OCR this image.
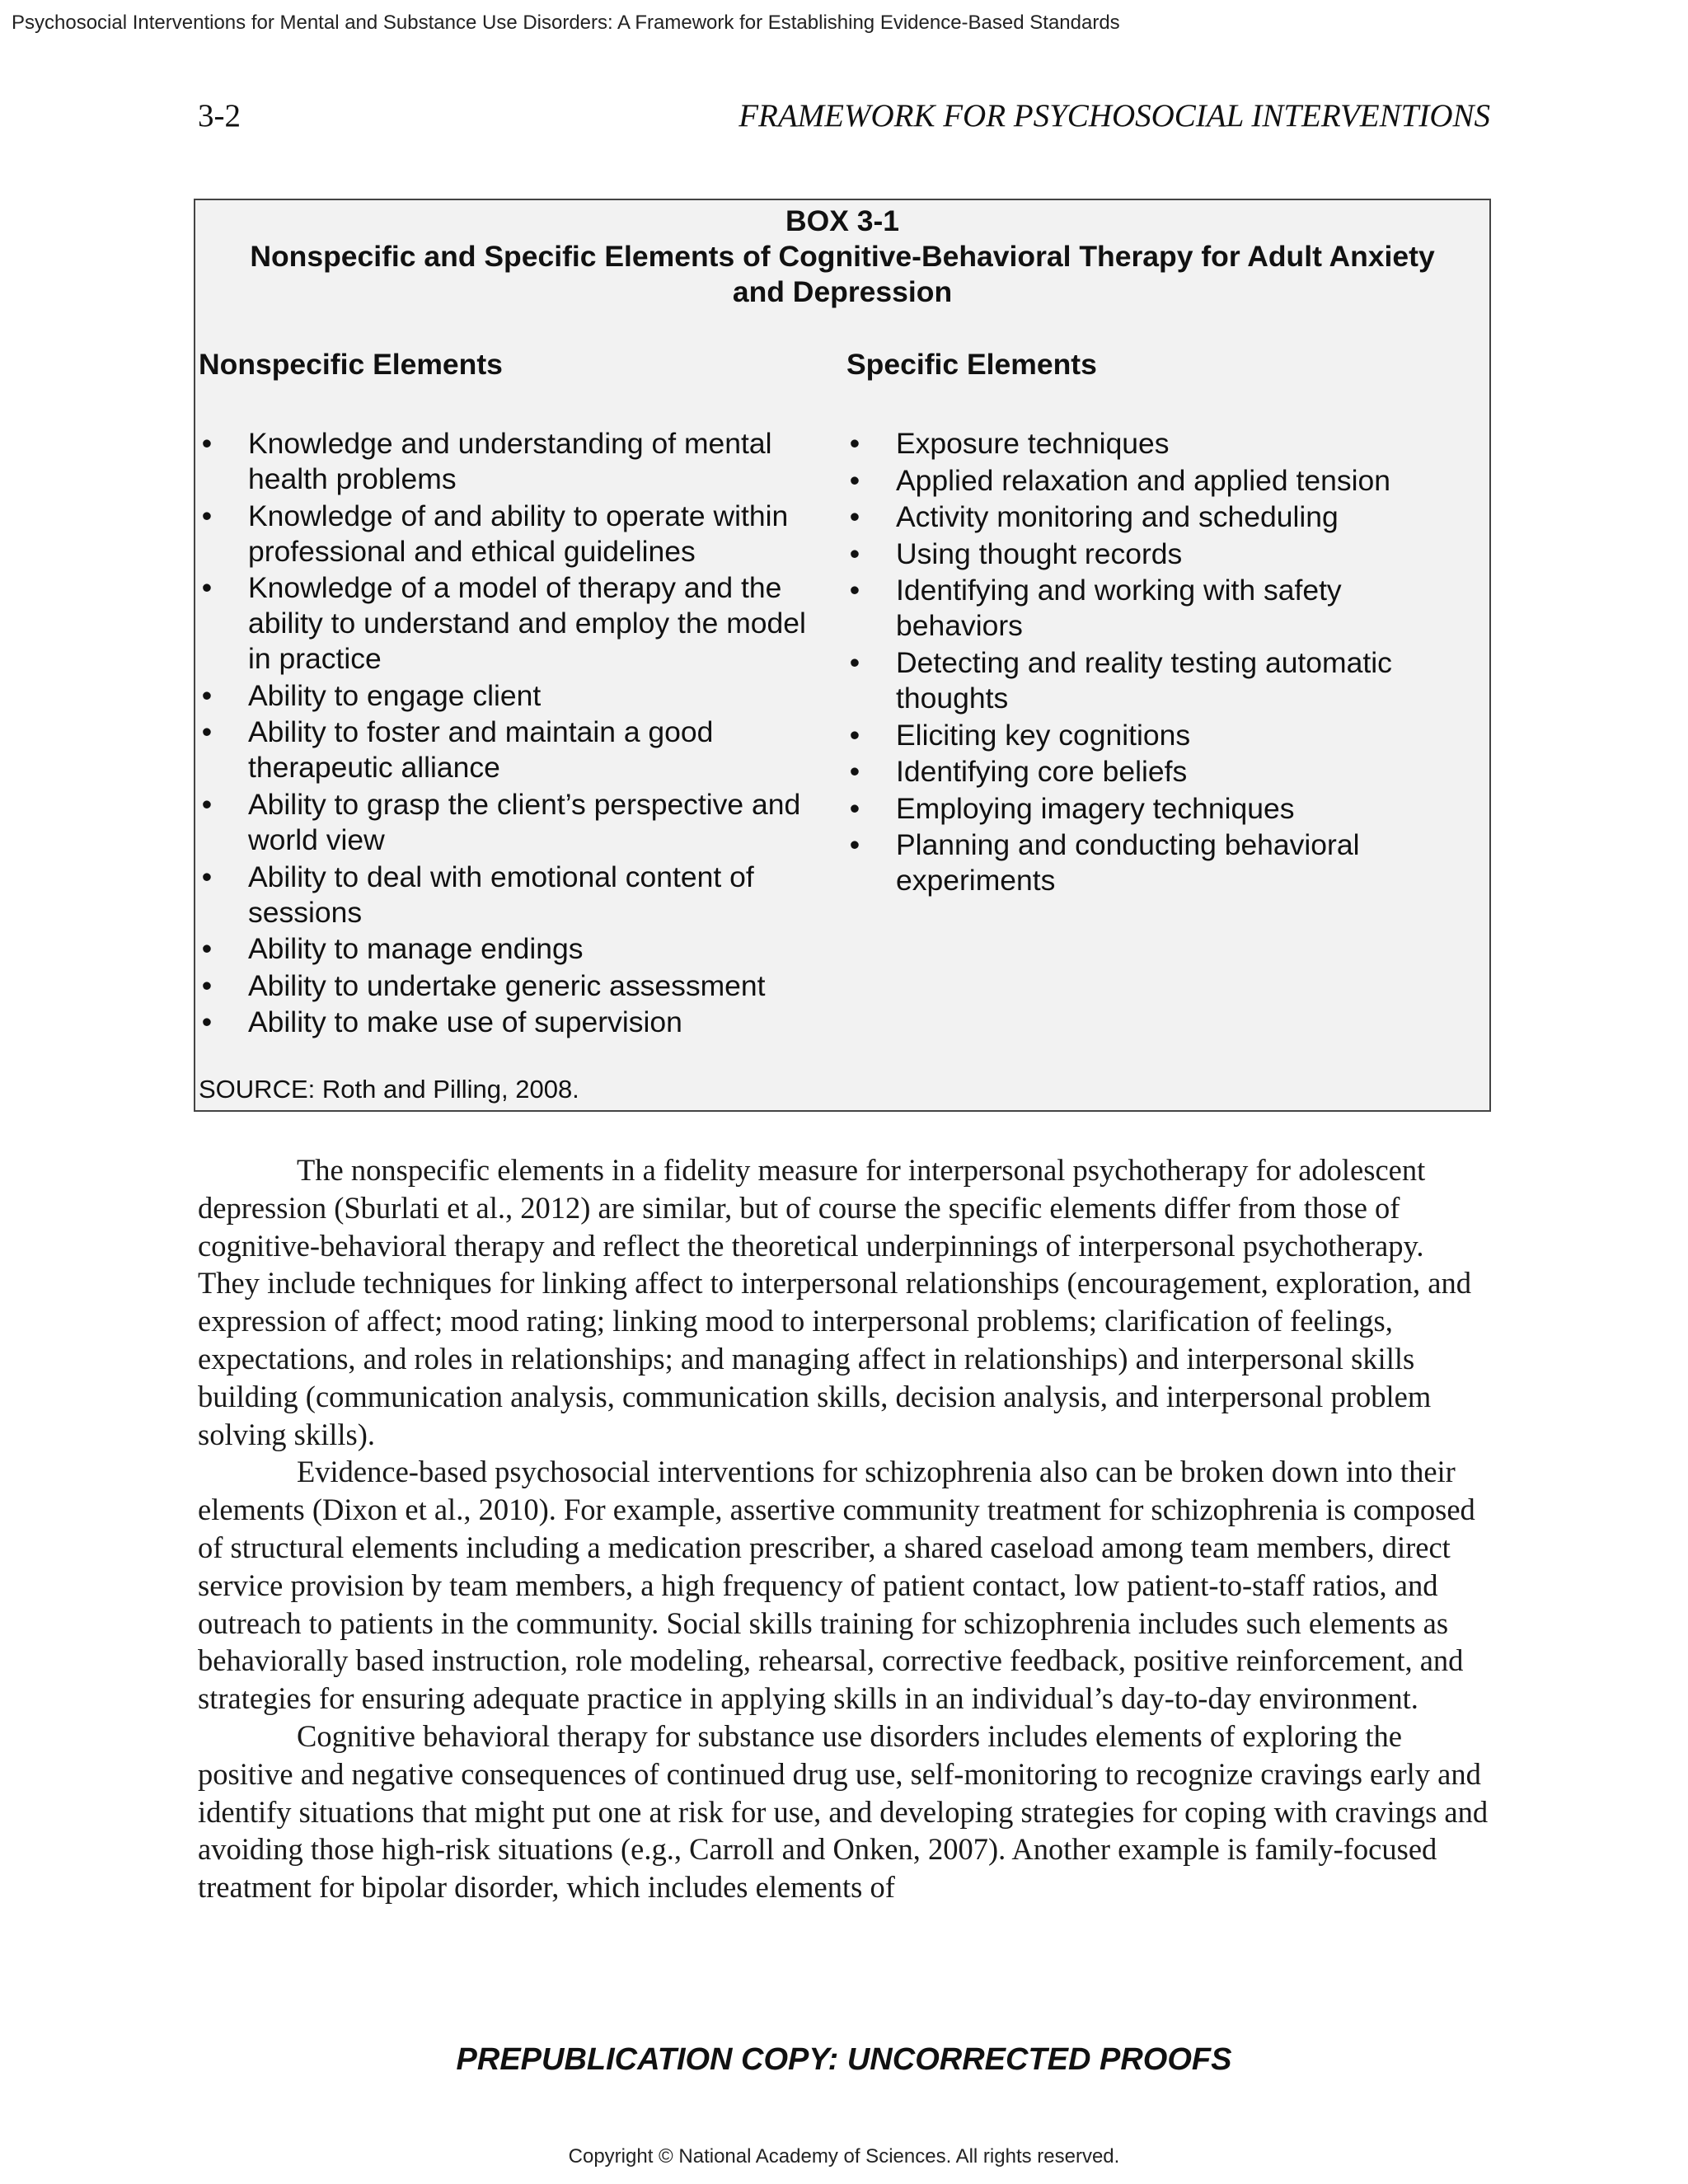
Psychosocial Interventions for Mental and Substance Use Disorders: A Framework for Establishing Evidence-Based Standards
3-2	FRAMEWORK FOR PSYCHOSOCIAL INTERVENTIONS
BOX 3-1
Nonspecific and Specific Elements of Cognitive-Behavioral Therapy for Adult Anxiety and Depression
Nonspecific Elements
• Knowledge and understanding of mental health problems
• Knowledge of and ability to operate within professional and ethical guidelines
• Knowledge of a model of therapy and the ability to understand and employ the model in practice
• Ability to engage client
• Ability to foster and maintain a good therapeutic alliance
• Ability to grasp the client’s perspective and world view
• Ability to deal with emotional content of sessions
• Ability to manage endings
• Ability to undertake generic assessment
• Ability to make use of supervision
Specific Elements
• Exposure techniques
• Applied relaxation and applied tension
• Activity monitoring and scheduling
• Using thought records
• Identifying and working with safety behaviors
• Detecting and reality testing automatic thoughts
• Eliciting key cognitions
• Identifying core beliefs
• Employing imagery techniques
• Planning and conducting behavioral experiments
SOURCE: Roth and Pilling, 2008.

The nonspecific elements in a fidelity measure for interpersonal psychotherapy for adolescent depression (Sburlati et al., 2012) are similar, but of course the specific elements differ from those of cognitive-behavioral therapy and reflect the theoretical underpinnings of interpersonal psychotherapy. They include techniques for linking affect to interpersonal relationships (encouragement, exploration, and expression of affect; mood rating; linking mood to interpersonal problems; clarification of feelings, expectations, and roles in relationships; and managing affect in relationships) and interpersonal skills building (communication analysis, communication skills, decision analysis, and interpersonal problem solving skills).

Evidence-based psychosocial interventions for schizophrenia also can be broken down into their elements (Dixon et al., 2010). For example, assertive community treatment for schizophrenia is composed of structural elements including a medication prescriber, a shared caseload among team members, direct service provision by team members, a high frequency of patient contact, low patient-to-staff ratios, and outreach to patients in the community. Social skills training for schizophrenia includes such elements as behaviorally based instruction, role modeling, rehearsal, corrective feedback, positive reinforcement, and strategies for ensuring adequate practice in applying skills in an individual’s day-to-day environment.

Cognitive behavioral therapy for substance use disorders includes elements of exploring the positive and negative consequences of continued drug use, self-monitoring to recognize cravings early and identify situations that might put one at risk for use, and developing strategies for coping with cravings and avoiding those high-risk situations (e.g., Carroll and Onken, 2007). Another example is family-focused treatment for bipolar disorder, which includes elements of

PREPUBLICATION COPY: UNCORRECTED PROOFS
Copyright © National Academy of Sciences. All rights reserved.
